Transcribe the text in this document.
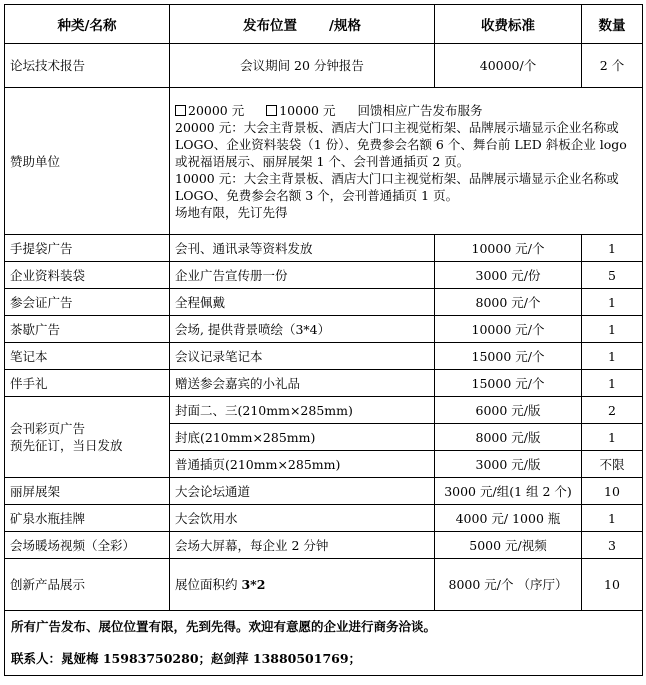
种类/名称	发布位置 /规格	收费标准	数量
论坛技术报告	会议期间 20 分钟报告	40000/个	2 个
赞助单位	20000 元 10000 元 回馈相应广告发布服务
20000 元：大会主背景板、酒店大门口主视觉桁架、品牌展示墙显示企业名称或 LOGO、企业资料装袋（1 份）、免费参会名额 6 个、舞台前 LED 斜板企业 logo 或祝福语展示、丽屏展架 1 个、会刊普通插页 2 页。
10000 元：大会主背景板、酒店大门口主视觉桁架、品牌展示墙显示企业名称或 LOGO、免费参会名额 3 个，会刊普通插页 1 页。
场地有限，先订先得		

手提袋广告	会刊、通讯录等资料发放	10000 元/个	1
企业资料装袋	企业广告宣传册一份	3000 元/份	5
参会证广告	全程佩戴	8000 元/个	1
茶歇广告	会场, 提供背景喷绘（3*4）	10000 元/个	1
笔记本	会议记录笔记本	15000 元/个	1
伴手礼	赠送参会嘉宾的小礼品	15000 元/个	1

会刊彩页广告
预先征订，当日发放	封面二、三(210mm×285mm)	6000 元/版	2
	封底(210mm×285mm)	8000 元/版	1
	普通插页(210mm×285mm)	3000 元/版	不限
丽屏展架	大会论坛通道	3000 元/组(1 组 2 个)	10
矿泉水瓶挂牌	大会饮用水	4000 元/ 1000 瓶	1
会场暖场视频（全彩）	会场大屏幕，每企业 2 分钟	5000 元/视频	3
创新产品展示	展位面积约 3*2	8000 元/个 （序厅）	10

所有广告发布、展位位置有限，先到先得。欢迎有意愿的企业进行商务洽谈。
联系人：晁娅梅 15983750280；赵剑萍 13880501769；			
